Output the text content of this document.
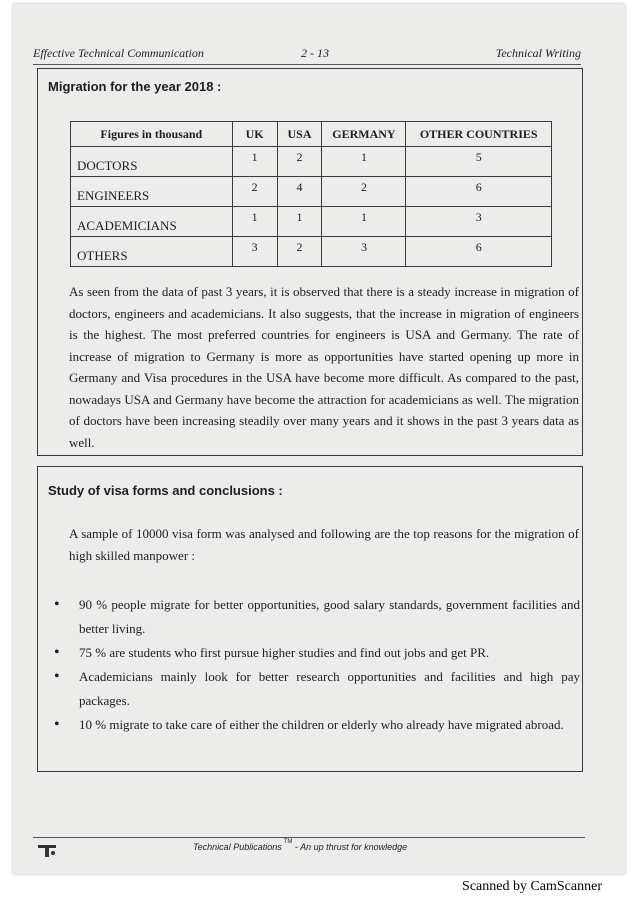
Effective Technical Communication	2 - 13	Technical Writing
Migration for the year 2018 :
Figures in thousand	UK	USA	GERMANY	OTHER COUNTRIES
DOCTORS	1	2	1	5
ENGINEERS	2	4	2	6
ACADEMICIANS	1	1	1	3
OTHERS	3	2	3	6

As seen from the data of past 3 years, it is observed that there is a steady increase in migration of doctors, engineers and academicians. It also suggests, that the increase in migration of engineers is the highest. The most preferred countries for engineers is USA and Germany. The rate of increase of migration to Germany is more as opportunities have started opening up more in Germany and Visa procedures in the USA have become more difficult. As compared to the past, nowadays USA and Germany have become the attraction for academicians as well. The migration of doctors have been increasing steadily over many years and it shows in the past 3 years data as well.

Study of visa forms and conclusions :

A sample of 10000 visa form was analysed and following are the top reasons for the migration of high skilled manpower :

• 90 % people migrate for better opportunities, good salary standards, government facilities and better living.
• 75 % are students who first pursue higher studies and find out jobs and get PR.
• Academicians mainly look for better research opportunities and facilities and high pay packages.
• 10 % migrate to take care of either the children or elderly who already have migrated abroad.
Technical Publications ™ - An up thrust for knowledge
Scanned by CamScanner
